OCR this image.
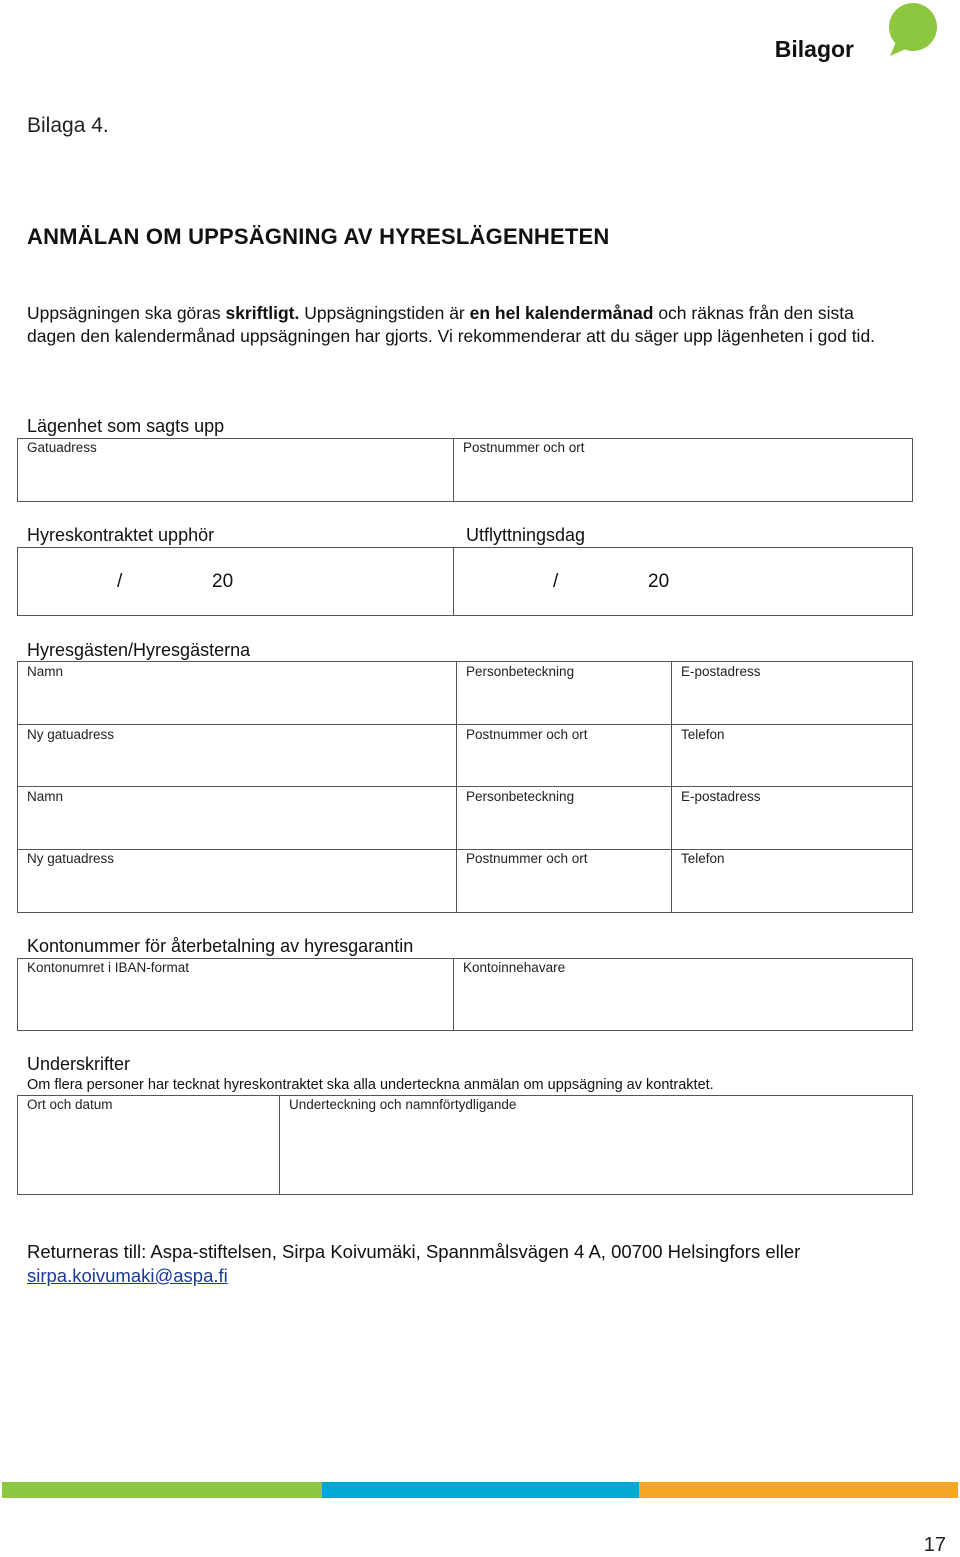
Bilagor
Bilaga 4.
ANMÄLAN OM UPPSÄGNING AV HYRESLÄGENHETEN
Uppsägningen ska göras skriftligt. Uppsägningstiden är en hel kalendermånad och räknas från den sista dagen den kalendermånad uppsägningen har gjorts. Vi rekommenderar att du säger upp lägenheten i god tid.
Lägenhet som sagts upp
Gatuadress	Postnummer och ort
Hyreskontraktet upphör	Utflyttningsdag
/	20	/	20
Hyresgästen/Hyresgästerna
Namn	Personbeteckning	E-postadress
Ny gatuadress	Postnummer och ort	Telefon
Namn	Personbeteckning	E-postadress
Ny gatuadress	Postnummer och ort	Telefon
Kontonummer för återbetalning av hyresgarantin
Kontonumret i IBAN-format	Kontoinnehavare
Underskrifter
Om flera personer har tecknat hyreskontraktet ska alla underteckna anmälan om uppsägning av kontraktet.
Ort och datum	Underteckning och namnförtydligande
Returneras till: Aspa-stiftelsen, Sirpa Koivumäki, Spannmålsvägen 4 A, 00700 Helsingfors eller
sirpa.koivumaki@aspa.fi
17
